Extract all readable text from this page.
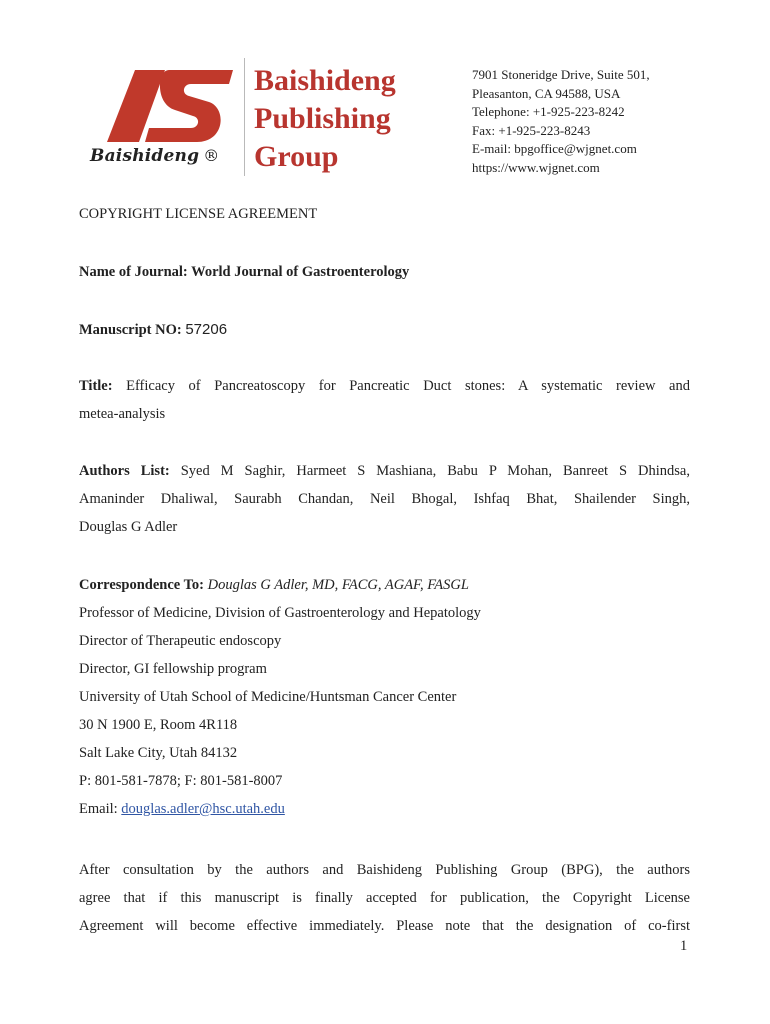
Baishideng ®
Baishideng
Publishing
Group
7901 Stoneridge Drive, Suite 501,
Pleasanton, CA 94588, USA
Telephone: +1-925-223-8242
Fax: +1-925-223-8243
E-mail: bpgoffice@wjgnet.com
https://www.wjgnet.com
COPYRIGHT LICENSE AGREEMENT
Name of Journal: World Journal of Gastroenterology
Manuscript NO: 57206
Title: Efficacy of Pancreatoscopy for Pancreatic Duct stones: A systematic review and
metea-analysis
Authors List: Syed M Saghir, Harmeet S Mashiana, Babu P Mohan, Banreet S Dhindsa,
Amaninder Dhaliwal, Saurabh Chandan, Neil Bhogal, Ishfaq Bhat, Shailender Singh,
Douglas G Adler
Correspondence To: Douglas G Adler, MD, FACG, AGAF, FASGL
Professor of Medicine, Division of Gastroenterology and Hepatology
Director of Therapeutic endoscopy
Director, GI fellowship program
University of Utah School of Medicine/Huntsman Cancer Center
30 N 1900 E, Room 4R118
Salt Lake City, Utah 84132
P: 801-581-7878; F: 801-581-8007
Email: douglas.adler@hsc.utah.edu
After consultation by the authors and Baishideng Publishing Group (BPG), the authors
agree that if this manuscript is finally accepted for publication, the Copyright License
Agreement will become effective immediately. Please note that the designation of co-first
1
